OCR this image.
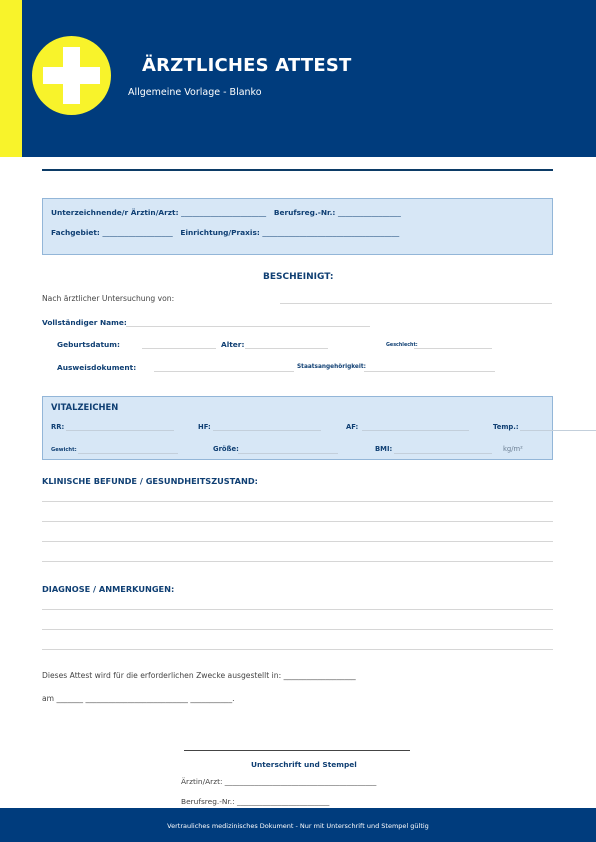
ÄRZTLICHES ATTEST
Allgemeine Vorlage - Blanko
Unterzeichnende/r Ärztin/Arzt: _______________________ Berufsreg.-Nr.: _________________
Fachgebiet: ___________________ Einrichtung/Praxis: _____________________________________
BESCHEINIGT:
Nach ärztlicher Untersuchung von:
Vollständiger Name:
Geburtsdatum:	Alter:	Geschlecht:
Ausweisdokument:	Staatsangehörigkeit:
VITALZEICHEN
RR:	HF:	AF:	Temp.:
Gewicht:	Größe:	BMI:	kg/m²
KLINISCHE BEFUNDE / GESUNDHEITSZUSTAND:
DIAGNOSE / ANMERKUNGEN:
Dieses Attest wird für die erforderlichen Zwecke ausgestellt in: ___________________
am _______ ___________________________ ___________.
Unterschrift und Stempel
Ärztin/Arzt: _________________________________________
Berufsreg.-Nr.: _________________________
Vertrauliches medizinisches Dokument - Nur mit Unterschrift und Stempel gültig
